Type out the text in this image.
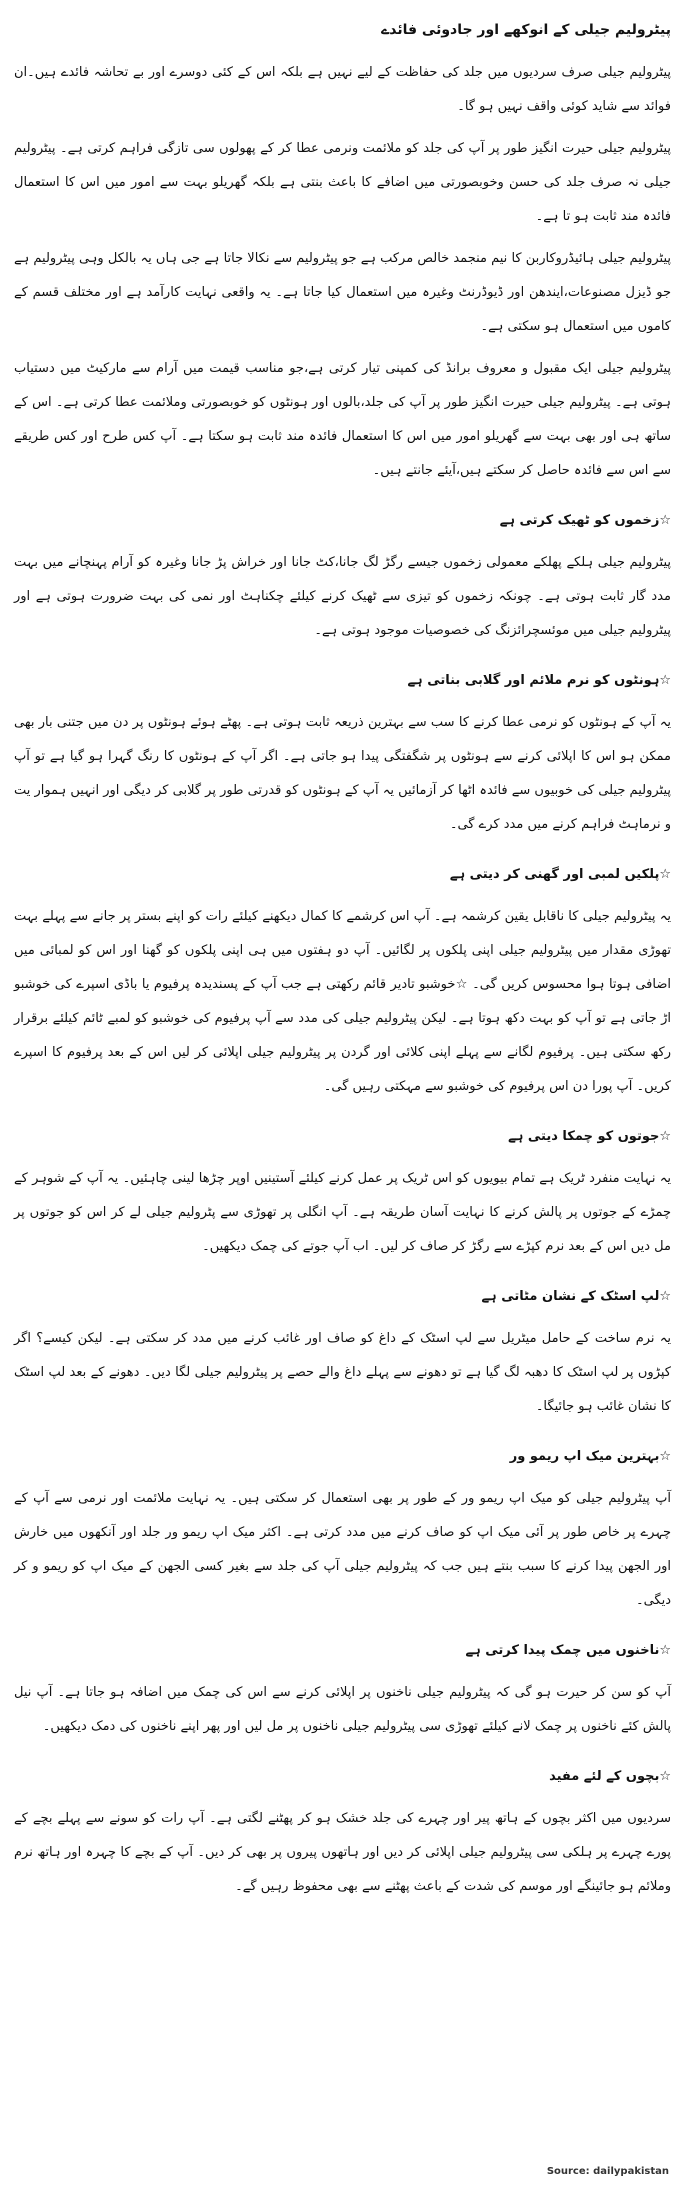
پیٹرولیم جیلی کے انوکھے اور جادوئی فائدے

پیٹرولیم جیلی صرف سردیوں میں جلد کی حفاظت کے لیے نہیں ہے بلکہ اس کے کئی دوسرے اور بے تحاشہ فائدے ہیں۔ان فوائد سے شاید کوئی واقف نہیں ہو گا۔

پیٹرولیم جیلی حیرت انگیز طور پر آپ کی جلد کو ملائمت ونرمی عطا کر کے پھولوں سی تازگی فراہم کرتی ہے۔ پیٹرولیم جیلی نہ صرف جلد کی حسن وخوبصورتی میں اضافے کا باعث بنتی ہے بلکہ گھریلو بہت سے امور میں اس کا استعمال فائدہ مند ثابت ہو تا ہے۔

پیٹرولیم جیلی ہائیڈروکاربن کا نیم منجمد خالص مرکب ہے جو پیٹرولیم سے نکالا جاتا ہے جی ہاں یہ بالکل وہی پیٹرولیم ہے جو ڈیزل مصنوعات،ایندھن اور ڈیوڈرنٹ وغیرہ میں استعمال کیا جاتا ہے۔ یہ واقعی نہایت کارآمد ہے اور مختلف قسم کے کاموں میں استعمال ہو سکتی ہے۔

پیٹرولیم جیلی ایک مقبول و معروف برانڈ کی کمپنی تیار کرتی ہے،جو مناسب قیمت میں آرام سے مارکیٹ میں دستیاب ہوتی ہے۔ پیٹرولیم جیلی حیرت انگیز طور پر آپ کی جلد،بالوں اور ہونٹوں کو خوبصورتی وملائمت عطا کرتی ہے۔ اس کے ساتھ ہی اور بھی بہت سے گھریلو امور میں اس کا استعمال فائدہ مند ثابت ہو سکتا ہے۔ آپ کس طرح اور کس طریقے سے اس سے فائدہ حاصل کر سکتے ہیں،آیئے جانتے ہیں۔

☆زخموں کو ٹھیک کرتی ہے

پیٹرولیم جیلی ہلکے پھلکے معمولی زخموں جیسے رگڑ لگ جانا،کٹ جانا اور خراش پڑ جانا وغیرہ کو آرام پہنچانے میں بہت مدد گار ثابت ہوتی ہے۔ چونکہ زخموں کو تیزی سے ٹھیک کرنے کیلئے چکناہٹ اور نمی کی بہت ضرورت ہوتی ہے اور پیٹرولیم جیلی میں موئسچرائزنگ کی خصوصیات موجود ہوتی ہے۔

☆ہونٹوں کو نرم ملائم اور گلابی بناتی ہے

یہ آپ کے ہونٹوں کو نرمی عطا کرنے کا سب سے بہترین ذریعہ ثابت ہوتی ہے۔ پھٹے ہوئے ہونٹوں پر دن میں جتنی بار بھی ممکن ہو اس کا اپلائی کرنے سے ہونٹوں پر شگفتگی پیدا ہو جاتی ہے۔ اگر آپ کے ہونٹوں کا رنگ گہرا ہو گیا ہے تو آپ پیٹرولیم جیلی کی خوبیوں سے فائدہ اٹھا کر آزمائیں یہ آپ کے ہونٹوں کو قدرتی طور پر گلابی کر دیگی اور انہیں ہموار یت و نرماہٹ فراہم کرنے میں مدد کرے گی۔

☆پلکیں لمبی اور گھنی کر دیتی ہے

یہ پیٹرولیم جیلی کا ناقابل یقین کرشمہ ہے۔ آپ اس کرشمے کا کمال دیکھنے کیلئے رات کو اپنے بستر پر جانے سے پہلے بہت تھوڑی مقدار میں پیٹرولیم جیلی اپنی پلکوں پر لگائیں۔ آپ دو ہفتوں میں ہی اپنی پلکوں کو گھنا اور اس کو لمبائی میں اضافی ہوتا ہوا محسوس کریں گی۔ ☆خوشبو تادیر قائم رکھتی ہے جب آپ کے پسندیدہ پرفیوم یا باڈی اسپرے کی خوشبو اڑ جاتی ہے تو آپ کو بہت دکھ ہوتا ہے۔ لیکن پیٹرولیم جیلی کی مدد سے آپ پرفیوم کی خوشبو کو لمبے ٹائم کیلئے برقرار رکھ سکتی ہیں۔ پرفیوم لگانے سے پہلے اپنی کلائی اور گردن پر پیٹرولیم جیلی اپلائی کر لیں اس کے بعد پرفیوم کا اسپرے کریں۔ آپ پورا دن اس پرفیوم کی خوشبو سے مہکتی رہیں گی۔

☆جوتوں کو چمکا دیتی ہے

یہ نہایت منفرد ٹریک ہے تمام بیویوں کو اس ٹریک پر عمل کرنے کیلئے آستینیں اوپر چڑھا لینی چاہئیں۔ یہ آپ کے شوہر کے چمڑے کے جوتوں پر پالش کرنے کا نہایت آسان طریقہ ہے۔ آپ انگلی پر تھوڑی سے پٹرولیم جیلی لے کر اس کو جوتوں پر مل دیں اس کے بعد نرم کپڑے سے رگڑ کر صاف کر لیں۔ اب آپ جوتے کی چمک دیکھیں۔

☆لپ اسٹک کے نشان مٹاتی ہے

یہ نرم ساخت کے حامل میٹریل سے لپ اسٹک کے داغ کو صاف اور غائب کرنے میں مدد کر سکتی ہے۔ لیکن کیسے؟ اگر کپڑوں پر لپ اسٹک کا دھبہ لگ گیا ہے تو دھونے سے پہلے داغ والے حصے پر پیٹرولیم جیلی لگا دیں۔ دھونے کے بعد لپ اسٹک کا نشان غائب ہو جائیگا۔

☆بہترین میک اپ ریمو ور

آپ پیٹرولیم جیلی کو میک اپ ریمو ور کے طور پر بھی استعمال کر سکتی ہیں۔ یہ نہایت ملائمت اور نرمی سے آپ کے چہرے پر خاص طور پر آئی میک اپ کو صاف کرنے میں مدد کرتی ہے۔ اکثر میک اپ ریمو ور جلد اور آنکھوں میں خارش اور الجھن پیدا کرنے کا سبب بنتے ہیں جب کہ پیٹرولیم جیلی آپ کی جلد سے بغیر کسی الجھن کے میک اپ کو ریمو و کر دیگی۔

☆ناخنوں میں چمک پیدا کرتی ہے

آپ کو سن کر حیرت ہو گی کہ پیٹرولیم جیلی ناخنوں پر اپلائی کرنے سے اس کی چمک میں اضافہ ہو جاتا ہے۔ آپ نیل پالش کئے ناخنوں پر چمک لانے کیلئے تھوڑی سی پیٹرولیم جیلی ناخنوں پر مل لیں اور پھر اپنے ناخنوں کی دمک دیکھیں۔

☆بچوں کے لئے مفید

سردیوں میں اکثر بچوں کے ہاتھ پیر اور چہرے کی جلد خشک ہو کر پھٹنے لگتی ہے۔ آپ رات کو سونے سے پہلے بچے کے پورے چہرے پر ہلکی سی پیٹرولیم جیلی اپلائی کر دیں اور ہاتھوں پیروں پر بھی کر دیں۔ آپ کے بچے کا چہرہ اور ہاتھ نرم وملائم ہو جائینگے اور موسم کی شدت کے باعث پھٹنے سے بھی محفوظ رہیں گے۔

Source: dailypakistan
